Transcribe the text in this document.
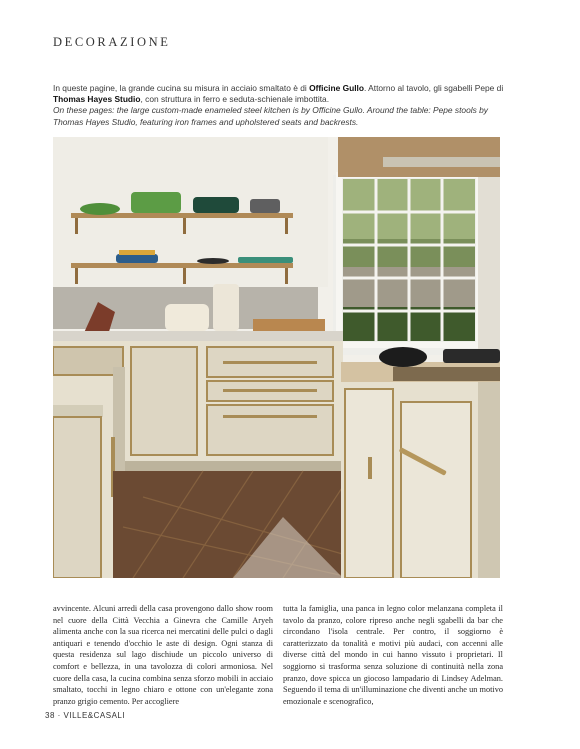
DECORAZIONE

In queste pagine, la grande cucina su misura in acciaio smaltato è di Officine Gullo. Attorno al tavolo, gli sgabelli Pepe di Thomas Hayes Studio, con struttura in ferro e seduta-schienale imbottita.

On these pages: the large custom-made enameled steel kitchen is by Officine Gullo. Around the table: Pepe stools by Thomas Hayes Studio, featuring iron frames and upholstered seats and backrests.

avvincente. Alcuni arredi della casa provengono dallo show room nel cuore della Città Vecchia a Ginevra che Camille Aryeh alimenta anche con la sua ricerca nei mercatini delle pulci o dagli antiquari e tenendo d'occhio le aste di design. Ogni stanza di questa residenza sul lago dischiude un piccolo universo di comfort e bellezza, in una tavolozza di colori armoniosa. Nel cuore della casa, la cucina combina senza sforzo mobili in acciaio smaltato, tocchi in legno chiaro e ottone con un'elegante zona pranzo grigio cemento. Per accogliere

tutta la famiglia, una panca in legno color melanzana completa il tavolo da pranzo, colore ripreso anche negli sgabelli da bar che circondano l'isola centrale. Per contro, il soggiorno è caratterizzato da tonalità e motivi più audaci, con accenni alle diverse città del mondo in cui hanno vissuto i proprietari. Il soggiorno si trasforma senza soluzione di continuità nella zona pranzo, dove spicca un giocoso lampadario di Lindsey Adelman. Seguendo il tema di un'illuminazione che diventi anche un motivo emozionale e scenografico,

38 · VILLE&CASALI
